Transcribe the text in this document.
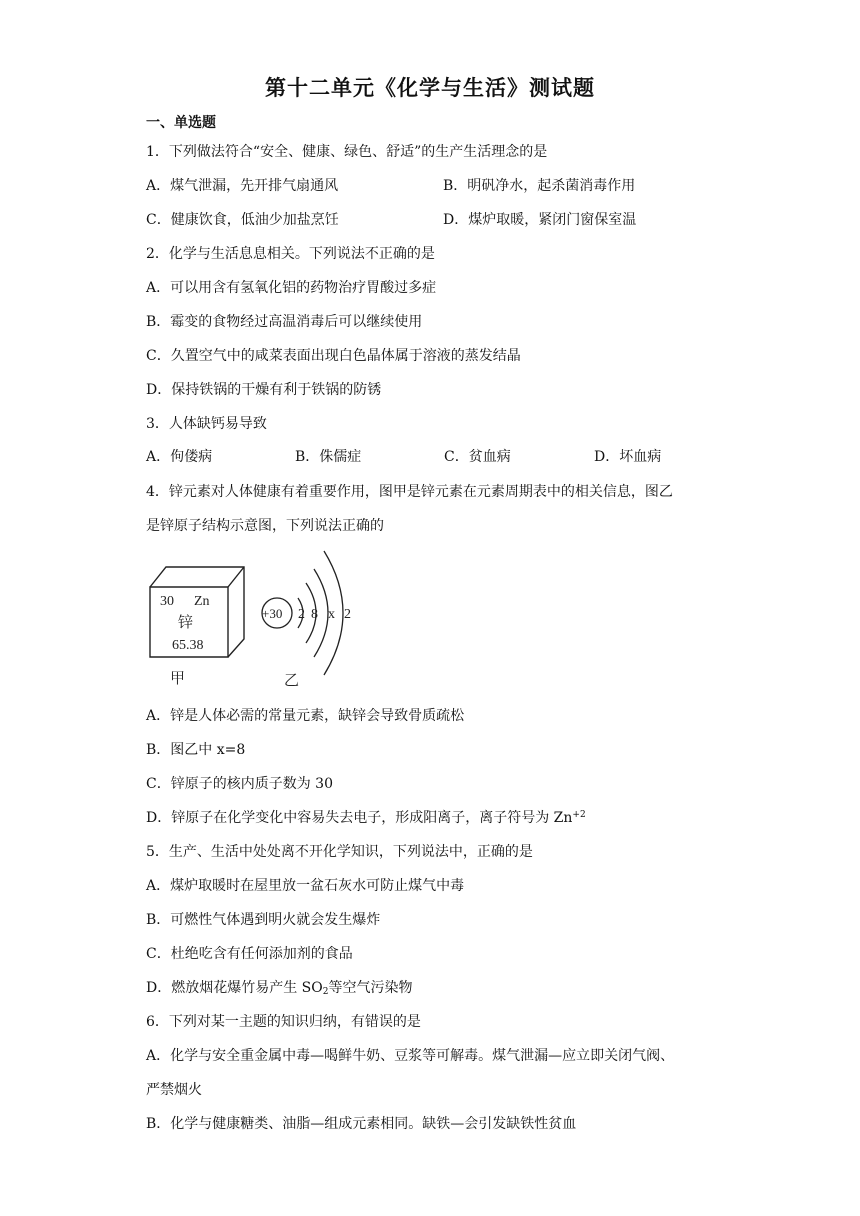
第十二单元《化学与生活》测试题
一、单选题
1．下列做法符合“安全、健康、绿色、舒适”的生产生活理念的是
A．煤气泄漏，先开排气扇通风	B．明矾净水，起杀菌消毒作用
C．健康饮食，低油少加盐烹饪	D．煤炉取暖，紧闭门窗保室温
2．化学与生活息息相关。下列说法不正确的是
A．可以用含有氢氧化铝的药物治疗胃酸过多症
B．霉变的食物经过高温消毒后可以继续使用
C．久置空气中的咸菜表面出现白色晶体属于溶液的蒸发结晶
D．保持铁锅的干燥有利于铁锅的防锈
3．人体缺钙易导致
A．佝偻病	B．侏儒症	C．贫血病	D．坏血病
4．锌元素对人体健康有着重要作用，图甲是锌元素在元素周期表中的相关信息，图乙
是锌原子结构示意图，下列说法正确的
30 Zn
锌
65.38
甲
+30 2 8 x 2
乙
A．锌是人体必需的常量元素，缺锌会导致骨质疏松
B．图乙中 x=8
C．锌原子的核内质子数为 30
D．锌原子在化学变化中容易失去电子，形成阳离子，离子符号为 $Zn^{+2}$
5．生产、生活中处处离不开化学知识，下列说法中，正确的是
A．煤炉取暖时在屋里放一盆石灰水可防止煤气中毒
B．可燃性气体遇到明火就会发生爆炸
C．杜绝吃含有任何添加剂的食品
D．燃放烟花爆竹易产生 $SO_2$等空气污染物
6．下列对某一主题的知识归纳，有错误的是
A．化学与安全重金属中毒—喝鲜牛奶、豆浆等可解毒。煤气泄漏—应立即关闭气阀、
严禁烟火
B．化学与健康糖类、油脂—组成元素相同。缺铁—会引发缺铁性贫血
